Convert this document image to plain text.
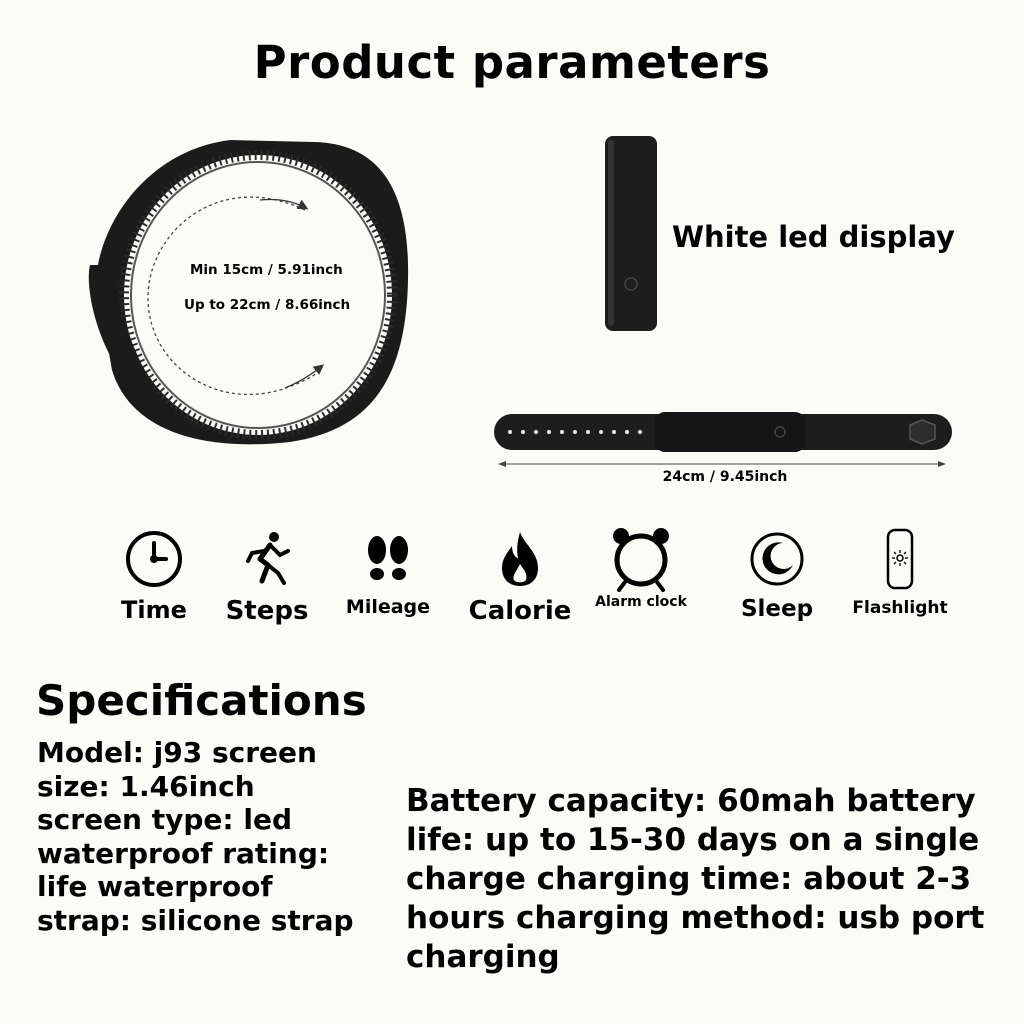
Product parameters
Min 15cm / 5.91inch
Up to 22cm / 8.66inch
White led display
24cm / 9.45inch
Time	Steps	Mileage	Calorie	Alarm clock	Sleep	Flashlight
Specifications
Model: j93 screen size: 1.46inch screen type: led waterproof rating: life waterproof strap: silicone strap
Battery capacity: 60mah battery life: up to 15-30 days on a single charge charging time: about 2-3 hours charging method: usb port charging
